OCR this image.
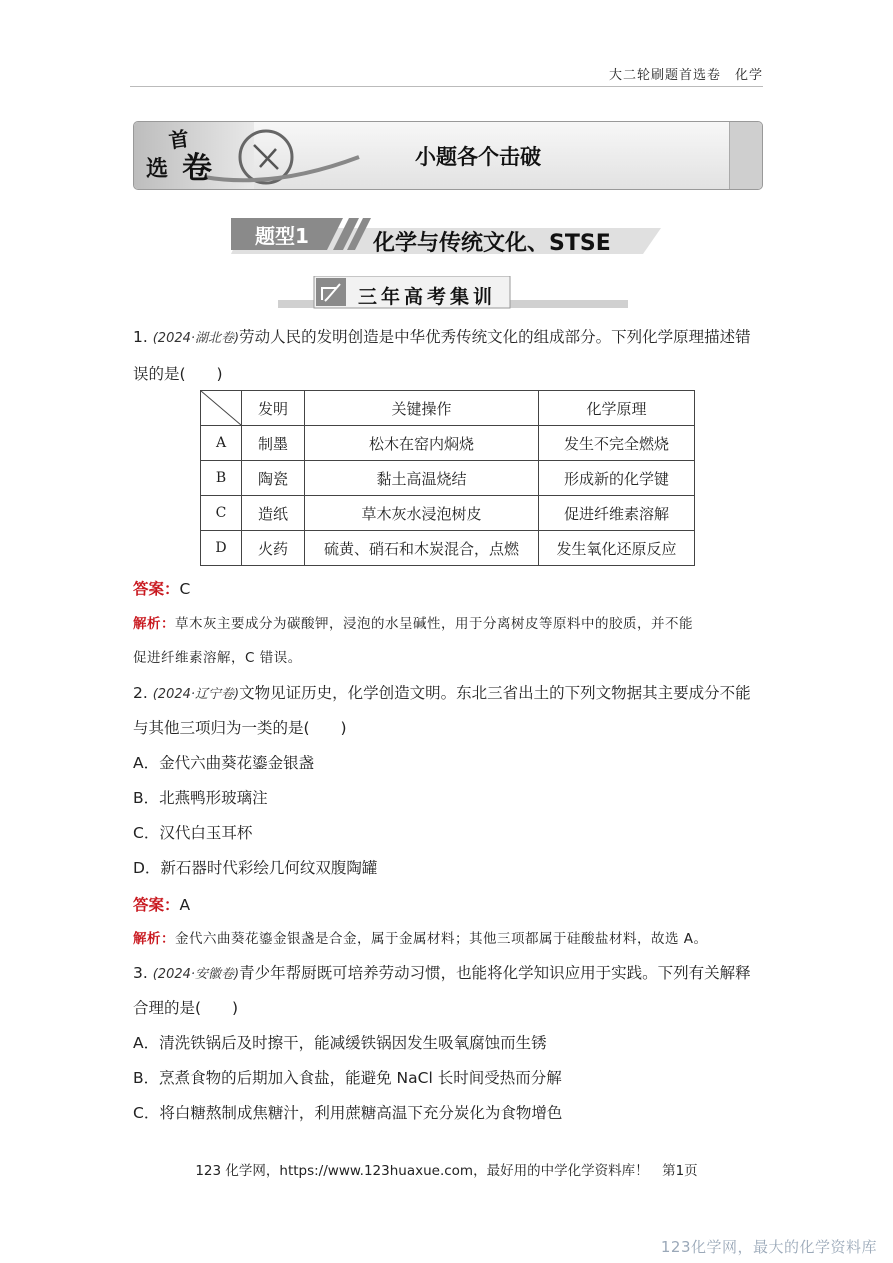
大二轮刷题首选卷　化学
首
选 卷	小题各个击破
题型1	化学与传统文化、STSE
三年高考集训
1. (2024·湖北卷)劳动人民的发明创造是中华优秀传统文化的组成部分。下列化学原理描述错
误的是(　　)
	发明	关键操作	化学原理
A	制墨	松木在窑内焖烧	发生不完全燃烧
B	陶瓷	黏土高温烧结	形成新的化学键
C	造纸	草木灰水浸泡树皮	促进纤维素溶解
D	火药	硫黄、硝石和木炭混合，点燃	发生氧化还原反应
答案：C
解析：草木灰主要成分为碳酸钾，浸泡的水呈碱性，用于分离树皮等原料中的胶质，并不能
促进纤维素溶解，C 错误。
2. (2024·辽宁卷)文物见证历史，化学创造文明。东北三省出土的下列文物据其主要成分不能
与其他三项归为一类的是(　　)
A．金代六曲葵花鎏金银盏
B．北燕鸭形玻璃注
C．汉代白玉耳杯
D．新石器时代彩绘几何纹双腹陶罐
答案：A
解析：金代六曲葵花鎏金银盏是合金，属于金属材料；其他三项都属于硅酸盐材料，故选 A。
3. (2024·安徽卷)青少年帮厨既可培养劳动习惯，也能将化学知识应用于实践。下列有关解释
合理的是(　　)
A．清洗铁锅后及时擦干，能减缓铁锅因发生吸氧腐蚀而生锈
B．烹煮食物的后期加入食盐，能避免 NaCl 长时间受热而分解
C．将白糖熬制成焦糖汁，利用蔗糖高温下充分炭化为食物增色
123 化学网，https://www.123huaxue.com，最好用的中学化学资料库！　第1页
123化学网，最大的化学资料库
